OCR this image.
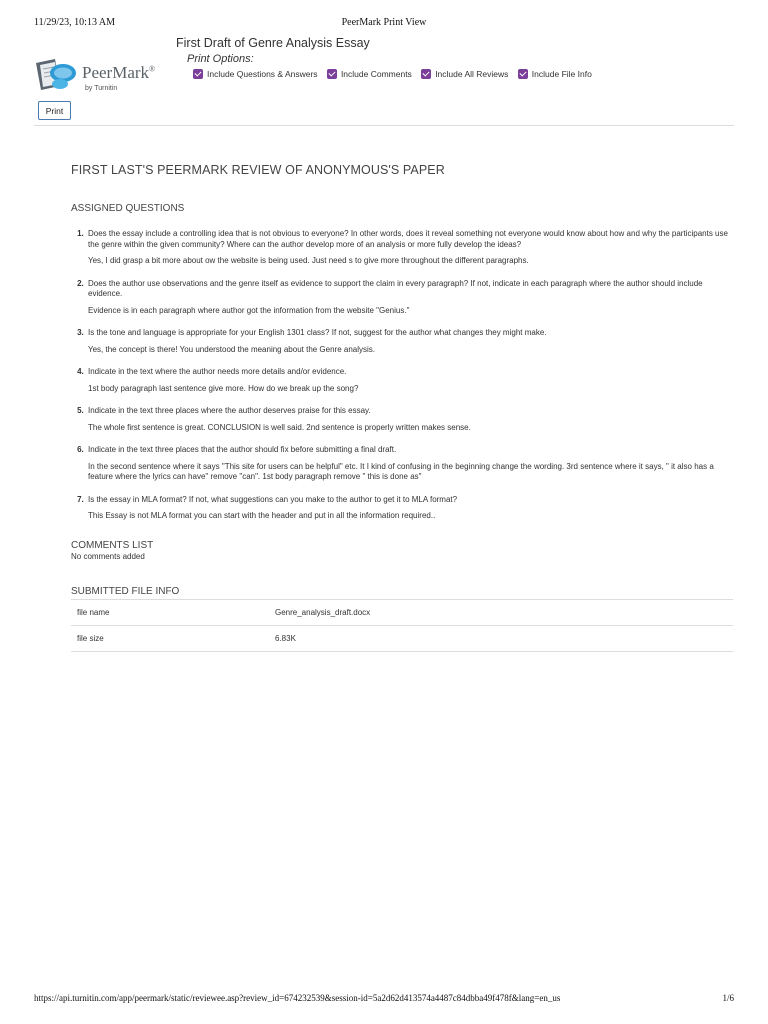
11/29/23, 10:13 AM	PeerMark Print View
PeerMark®
by Turnitin
First Draft of Genre Analysis Essay
Print Options:
Include Questions & Answers	Include Comments	Include All Reviews	Include File Info
Print
FIRST LAST'S PEERMARK REVIEW OF ANONYMOUS'S PAPER
ASSIGNED QUESTIONS
1. Does the essay include a controlling idea that is not obvious to everyone? In other words, does it reveal something not everyone would know about how and why the participants use the genre within the given community? Where can the author develop more of an analysis or more fully develop the ideas?
Yes, I did grasp a bit more about ow the website is being used. Just need s to give more throughout the different paragraphs.
2. Does the author use observations and the genre itself as evidence to support the claim in every paragraph? If not, indicate in each paragraph where the author should include evidence.
Evidence is in each paragraph where author got the information from the website "Genius."
3. Is the tone and language is appropriate for your English 1301 class? If not, suggest for the author what changes they might make.
Yes, the concept is there! You understood the meaning about the Genre analysis.
4. Indicate in the text where the author needs more details and/or evidence.
1st body paragraph last sentence give more. How do we break up the song?
5. Indicate in the text three places where the author deserves praise for this essay.
The whole first sentence is great. CONCLUSION is well said. 2nd sentence is properly written makes sense.
6. Indicate in the text three places that the author should fix before submitting a final draft.
In the second sentence where it says "This site for users can be helpful" etc. It I kind of confusing in the beginning change the wording. 3rd sentence where it says, " it also has a feature where the lyrics can have" remove "can". 1st body paragraph remove " this is done as"
7. Is the essay in MLA format? If not, what suggestions can you make to the author to get it to MLA format?
This Essay is not MLA format you can start with the header and put in all the information required..
COMMENTS LIST
No comments added
SUBMITTED FILE INFO
file name	Genre_analysis_draft.docx
file size	6.83K
https://api.turnitin.com/app/peermark/static/reviewee.asp?review_id=674232539&session-id=5a2d62d413574a4487c84dbba49f478f&lang=en_us	1/6
